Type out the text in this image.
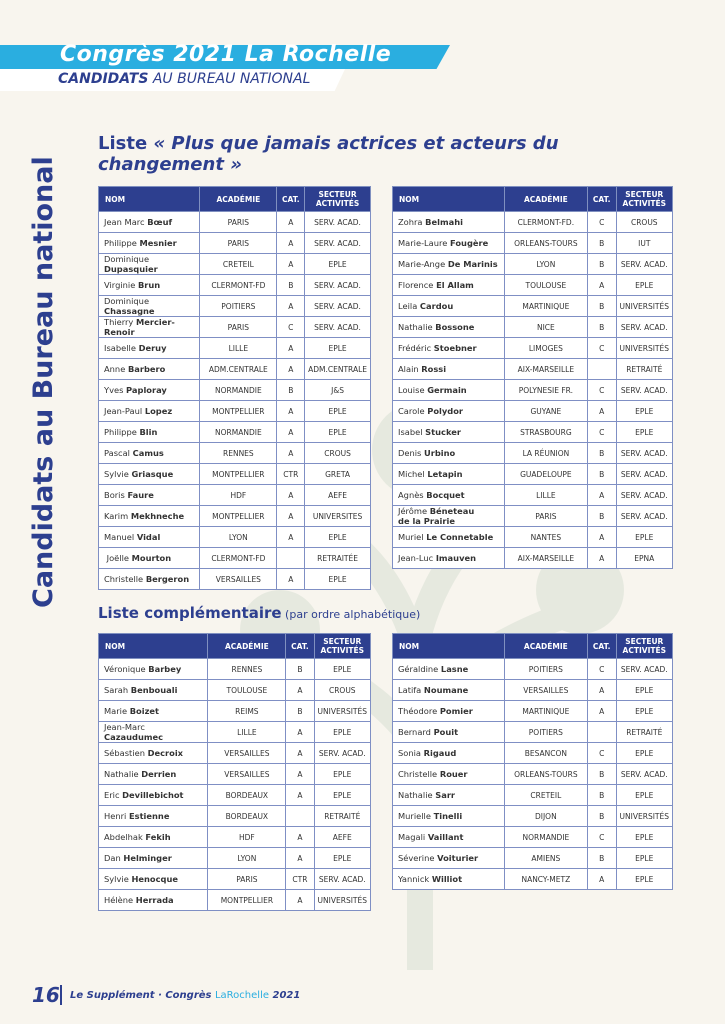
Congrès 2021 La Rochelle
CANDIDATS AU BUREAU NATIONAL
Candidats au Bureau national
Liste « Plus que jamais actrices et acteurs du changement »
NOM	ACADÉMIE	CAT.	SECTEUR ACTIVITÉS
Jean Marc Bœuf	PARIS	A	SERV. ACAD.
Philippe Mesnier	PARIS	A	SERV. ACAD.
Dominique Dupasquier	CRETEIL	A	EPLE
Virginie Brun	CLERMONT-FD	B	SERV. ACAD.
Dominique Chassagne	POITIERS	A	SERV. ACAD.
Thierry Mercier-Renoir	PARIS	C	SERV. ACAD.
Isabelle Deruy	LILLE	A	EPLE
Anne Barbero	ADM.CENTRALE	A	ADM.CENTRALE
Yves Paploray	NORMANDIE	B	J&S
Jean-Paul Lopez	MONTPELLIER	A	EPLE
Philippe Blin	NORMANDIE	A	EPLE
Pascal Camus	RENNES	A	CROUS
Sylvie Griasque	MONTPELLIER	CTR	GRETA
Boris Faure	HDF	A	AEFE
Karim Mekhneche	MONTPELLIER	A	UNIVERSITES
Manuel Vidal	LYON	A	EPLE
Joëlle Mourton	CLERMONT-FD		RETRAITÉE
Christelle Bergeron	VERSAILLES	A	EPLE
NOM	ACADÉMIE	CAT.	SECTEUR ACTIVITÉS
Zohra Belmahi	CLERMONT-FD.	C	CROUS
Marie-Laure Fougère	ORLEANS-TOURS	B	IUT
Marie-Ange De Marinis	LYON	B	SERV. ACAD.
Florence El Allam	TOULOUSE	A	EPLE
Leila Cardou	MARTINIQUE	B	UNIVERSITÉS
Nathalie Bossone	NICE	B	SERV. ACAD.
Frédéric Stoebner	LIMOGES	C	UNIVERSITÉS
Alain Rossi	AIX-MARSEILLE		RETRAITÉ
Louise Germain	POLYNESIE FR.	C	SERV. ACAD.
Carole Polydor	GUYANE	A	EPLE
Isabel Stucker	STRASBOURG	C	EPLE
Denis Urbino	LA RÉUNION	B	SERV. ACAD.
Michel Letapin	GUADELOUPE	B	SERV. ACAD.
Agnès Bocquet	LILLE	A	SERV. ACAD.
Jérôme Béneteau
de la Prairie	PARIS	B	SERV. ACAD.
Muriel Le Connetable	NANTES	A	EPLE
Jean-Luc Imauven	AIX-MARSEILLE	A	EPNA
Liste complémentaire (par ordre alphabétique)
NOM	ACADÉMIE	CAT.	SECTEUR ACTIVITÉS
Véronique Barbey	RENNES	B	EPLE
Sarah Benbouali	TOULOUSE	A	CROUS
Marie Boizet	REIMS	B	UNIVERSITÉS
Jean-Marc Cazaudumec	LILLE	A	EPLE
Sébastien Decroix	VERSAILLES	A	SERV. ACAD.
Nathalie Derrien	VERSAILLES	A	EPLE
Eric Devillebichot	BORDEAUX	A	EPLE
Henri Estienne	BORDEAUX		RETRAITÉ
Abdelhak Fekih	HDF	A	AEFE
Dan Helminger	LYON	A	EPLE
Sylvie Henocque	PARIS	CTR	SERV. ACAD.
Hélène Herrada	MONTPELLIER	A	UNIVERSITÉS
NOM	ACADÉMIE	CAT.	SECTEUR ACTIVITÉS
Géraldine Lasne	POITIERS	C	SERV. ACAD.
Latifa Noumane	VERSAILLES	A	EPLE
Théodore Pomier	MARTINIQUE	A	EPLE
Bernard Pouit	POITIERS		RETRAITÉ
Sonia Rigaud	BESANCON	C	EPLE
Christelle Rouer	ORLEANS-TOURS	B	SERV. ACAD.
Nathalie Sarr	CRETEIL	B	EPLE
Murielle Tinelli	DIJON	B	UNIVERSITÉS
Magali Vaillant	NORMANDIE	C	EPLE
Séverine Voiturier	AMIENS	B	EPLE
Yannick Williot	NANCY-METZ	A	EPLE
16 Le Supplément · Congrès LaRochelle 2021
